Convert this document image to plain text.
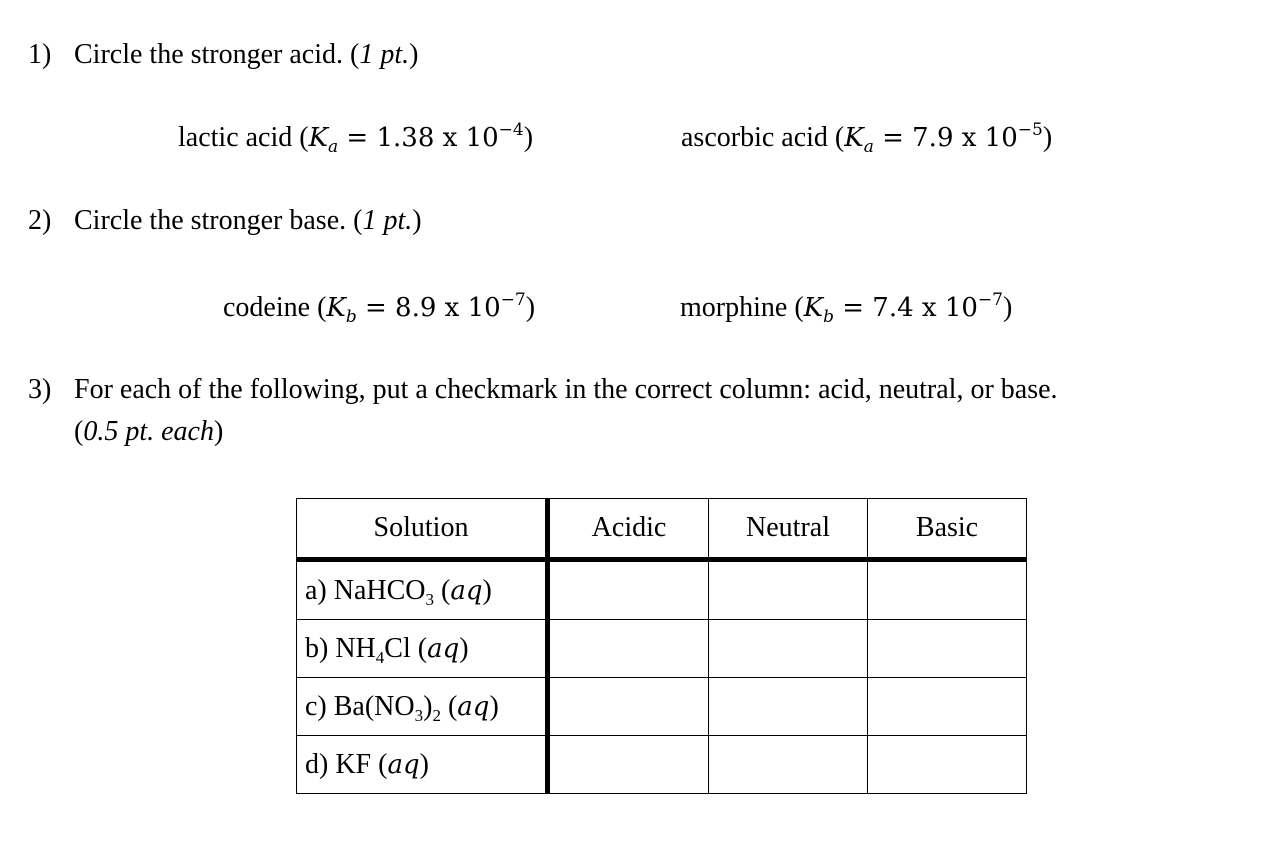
1) Circle the stronger acid. (1 pt.)
lactic acid ($K_a = 1.38$ x $10^{-4}$)	ascorbic acid ($K_a = 7.9$ x $10^{-5}$)
2) Circle the stronger base. (1 pt.)
codeine ($K_b = 8.9$ x $10^{-7}$)	morphine ($K_b = 7.4$ x $10^{-7}$)
3) For each of the following, put a checkmark in the correct column: acid, neutral, or base.
(0.5 pt. each)
Solution	Acidic	Neutral	Basic
a) NaHCO$_3$ (aq)			
b) $NH_4Cl$ (aq)			
c) $Ba(NO_3)_2$ (aq)			
d) KF (aq)			
